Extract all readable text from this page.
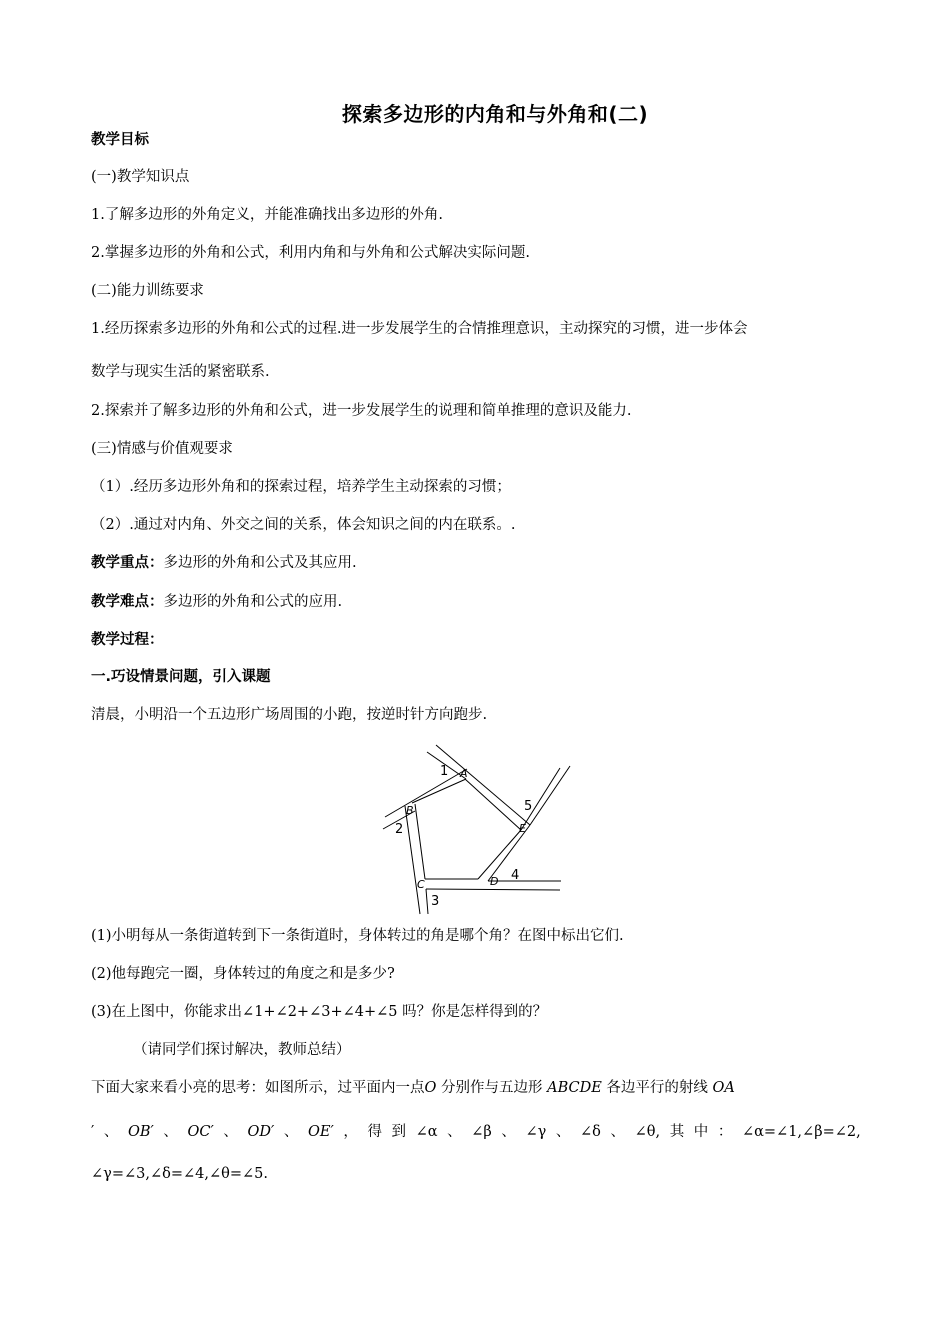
探索多边形的内角和与外角和(二)
教学目标
(一)教学知识点
1.了解多边形的外角定义，并能准确找出多边形的外角.
2.掌握多边形的外角和公式，利用内角和与外角和公式解决实际问题.
(二)能力训练要求
1.经历探索多边形的外角和公式的过程.进一步发展学生的合情推理意识，主动探究的习惯，进一步体会
数学与现实生活的紧密联系.
2.探索并了解多边形的外角和公式，进一步发展学生的说理和简单推理的意识及能力.
(三)情感与价值观要求
（1）.经历多边形外角和的探索过程，培养学生主动探索的习惯；
（2）.通过对内角、外交之间的关系，体会知识之间的内在联系。.
教学重点：多边形的外角和公式及其应用.
教学难点：多边形的外角和公式的应用.
教学过程：
一.巧设情景问题，引入课题
清晨，小明沿一个五边形广场周围的小跑，按逆时针方向跑步.
1 A
5
B
E
2
C	D 4
3
(1)小明每从一条街道转到下一条街道时，身体转过的角是哪个角？在图中标出它们.
(2)他每跑完一圈，身体转过的角度之和是多少?
(3)在上图中，你能求出∠1+∠2+∠3+∠4+∠5 吗？你是怎样得到的？
（请同学们探讨解决，教师总结）
下面大家来看小亮的思考：如图所示，过平面内一点O 分别作与五边形 ABCDE 各边平行的射线 OA
′ 、 OB′ 、 OC′ 、 OD′ 、 OE′ ， 得 到 ∠α 、 ∠β 、 ∠γ 、 ∠δ 、 ∠θ, 其 中 ： ∠α=∠1,∠β=∠2,
∠γ=∠3,∠δ=∠4,∠θ=∠5.
